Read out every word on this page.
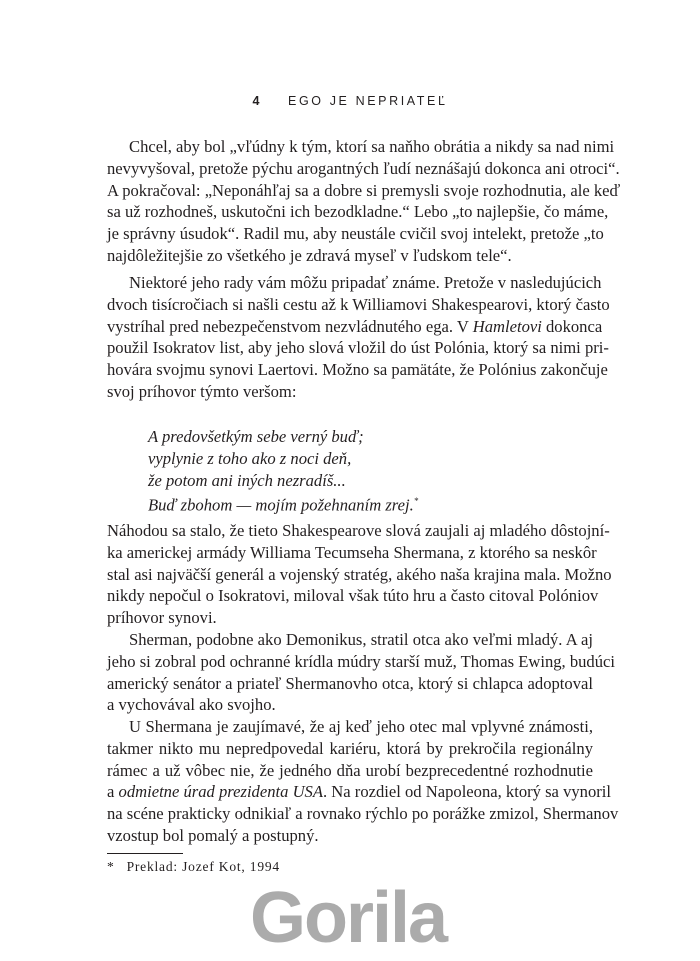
4 EGO JE NEPRIATEĽ
Chcel, aby bol „vľúdny k tým, ktorí sa naňho obrátia a nikdy sa nad nimi
nevyvyšoval, pretože pýchu arogantných ľudí neznášajú dokonca ani otroci“.
A pokračoval: „Neponáhľaj sa a dobre si premysli svoje rozhodnutia, ale keď
sa už rozhodneš, uskutočni ich bezodkladne.“ Lebo „to najlepšie, čo máme,
je správny úsudok“. Radil mu, aby neustále cvičil svoj intelekt, pretože „to
najdôležitejšie zo všetkého je zdravá myseľ v ľudskom tele“.
Niektoré jeho rady vám môžu pripadať známe. Pretože v nasledujúcich
dvoch tisícročiach si našli cestu až k Williamovi Shakespearovi, ktorý často
vystríhal pred nebezpečenstvom nezvládnutého ega. V Hamletovi dokonca
použil Isokratov list, aby jeho slová vložil do úst Polónia, ktorý sa nimi pri-
hovára svojmu synovi Laertovi. Možno sa pamätáte, že Polónius zakončuje
svoj príhovor týmto veršom:
A predovšetkým sebe verný buď;
vyplynie z toho ako z noci deň,
že potom ani iných nezradíš...
Buď zbohom — mojím požehnaním zrej.*
Náhodou sa stalo, že tieto Shakespearove slová zaujali aj mladého dôstojní-
ka americkej armády Williama Tecumseha Shermana, z ktorého sa neskôr
stal asi najväčší generál a vojenský stratég, akého naša krajina mala. Možno
nikdy nepočul o Isokratovi, miloval však túto hru a často citoval Polóniov
príhovor synovi.
Sherman, podobne ako Demonikus, stratil otca ako veľmi mladý. A aj
jeho si zobral pod ochranné krídla múdry starší muž, Thomas Ewing, budúci
americký senátor a priateľ Shermanovho otca, ktorý si chlapca adoptoval
a vychovával ako svojho.
U Shermana je zaujímavé, že aj keď jeho otec mal vplyvné známosti,
takmer nikto mu nepredpovedal kariéru, ktorá by prekročila regionálny
rámec a už vôbec nie, že jedného dňa urobí bezprecedentné rozhodnutie
a odmietne úrad prezidenta USA. Na rozdiel od Napoleona, ktorý sa vynoril
na scéne prakticky odnikiaľ a rovnako rýchlo po porážke zmizol, Shermanov
vzostup bol pomalý a postupný.
* Preklad: Jozef Kot, 1994
Gorila
